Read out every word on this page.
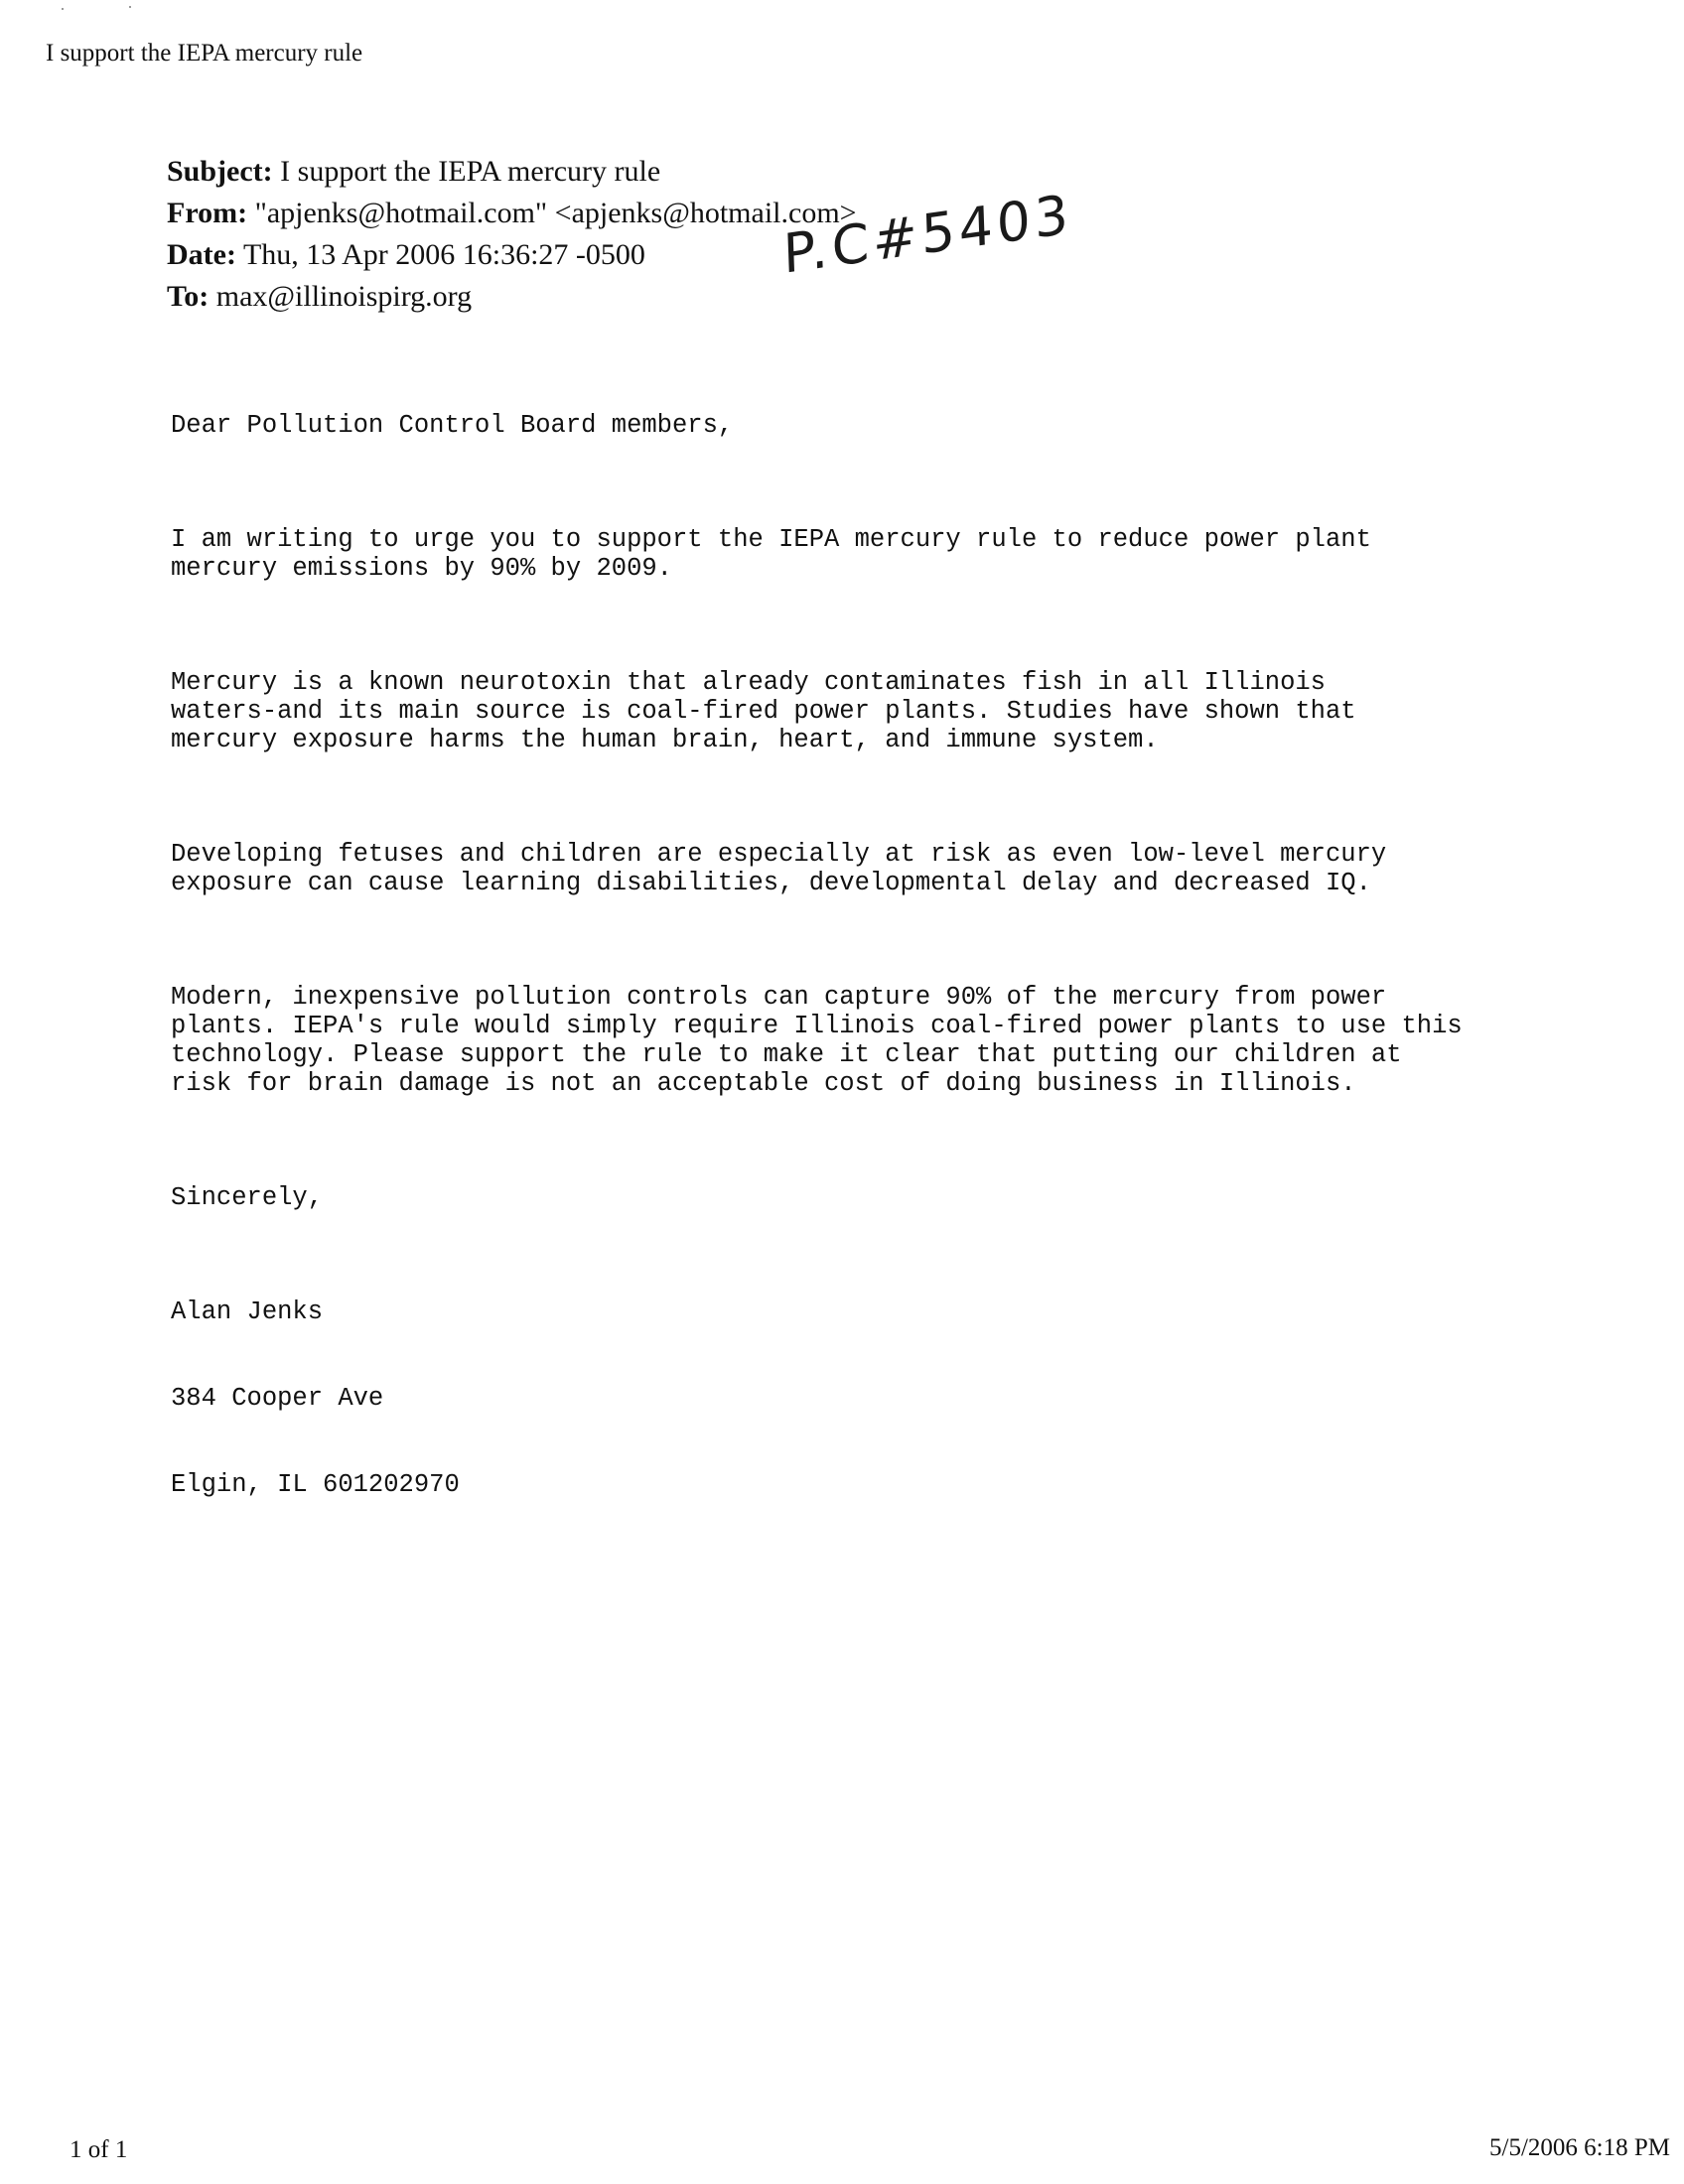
I support the IEPA mercury rule
Subject: I support the IEPA mercury rule
From: "apjenks@hotmail.com" <apjenks@hotmail.com>
Date: Thu, 13 Apr 2006 16:36:27 -0500
To: max@illinoispirg.org
P.C#5403

Dear Pollution Control Board members,

I am writing to urge you to support the IEPA mercury rule to reduce power plant
mercury emissions by 90% by 2009.

Mercury is a known neurotoxin that already contaminates fish in all Illinois
waters-and its main source is coal-fired power plants. Studies have shown that
mercury exposure harms the human brain, heart, and immune system.

Developing fetuses and children are especially at risk as even low-level mercury
exposure can cause learning disabilities, developmental delay and decreased IQ.

Modern, inexpensive pollution controls can capture 90% of the mercury from power
plants. IEPA's rule would simply require Illinois coal-fired power plants to use this
technology. Please support the rule to make it clear that putting our children at
risk for brain damage is not an acceptable cost of doing business in Illinois.

Sincerely,

Alan Jenks

384 Cooper Ave

Elgin, IL 601202970

1 of 1	5/5/2006 6:18 PM
